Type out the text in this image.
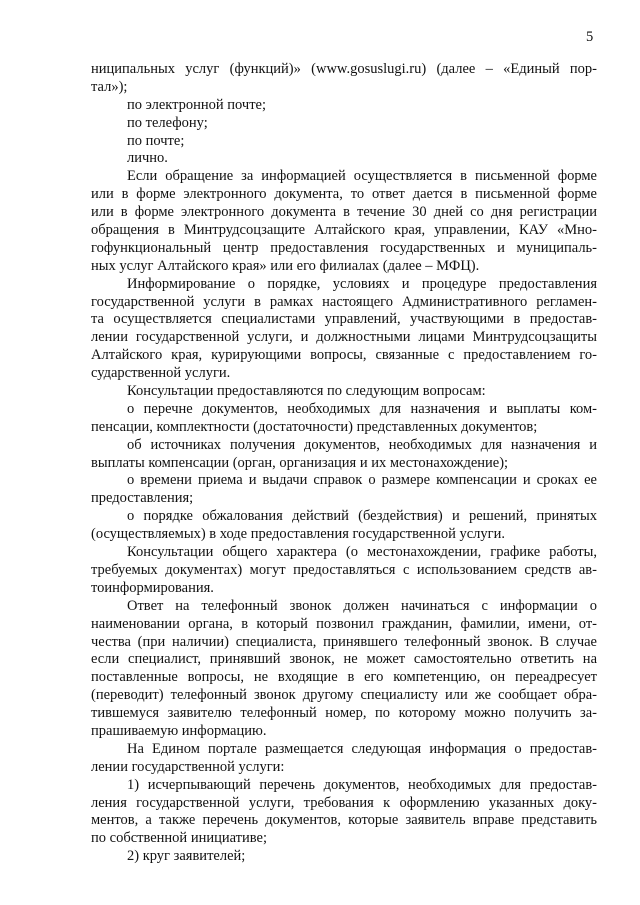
5
ниципальных услуг (функций)» (www.gosuslugi.ru) (далее – «Единый пор-
тал»);
по электронной почте;
по телефону;
по почте;
лично.
Если обращение за информацией осуществляется в письменной форме
или в форме электронного документа, то ответ дается в письменной форме
или в форме электронного документа в течение 30 дней со дня регистрации
обращения в Минтрудсоцзащите Алтайского края, управлении, КАУ «Мно-
гофункциональный центр предоставления государственных и муниципаль-
ных услуг Алтайского края» или его филиалах (далее – МФЦ).
Информирование о порядке, условиях и процедуре предоставления
государственной услуги в рамках настоящего Административного регламен-
та осуществляется специалистами управлений, участвующими в предостав-
лении государственной услуги, и должностными лицами Минтрудсоцзащиты
Алтайского края, курирующими вопросы, связанные с предоставлением го-
сударственной услуги.
Консультации предоставляются по следующим вопросам:
о перечне документов, необходимых для назначения и выплаты ком-
пенсации, комплектности (достаточности) представленных документов;
об источниках получения документов, необходимых для назначения и
выплаты компенсации (орган, организация и их местонахождение);
о времени приема и выдачи справок о размере компенсации и сроках ее
предоставления;
о порядке обжалования действий (бездействия) и решений, принятых
(осуществляемых) в ходе предоставления государственной услуги.
Консультации общего характера (о местонахождении, графике работы,
требуемых документах) могут предоставляться с использованием средств ав-
тоинформирования.
Ответ на телефонный звонок должен начинаться с информации о
наименовании органа, в который позвонил гражданин, фамилии, имени, от-
чества (при наличии) специалиста, принявшего телефонный звонок. В случае
если специалист, принявший звонок, не может самостоятельно ответить на
поставленные вопросы, не входящие в его компетенцию, он переадресует
(переводит) телефонный звонок другому специалисту или же сообщает обра-
тившемуся заявителю телефонный номер, по которому можно получить за-
прашиваемую информацию.
На Едином портале размещается следующая информация о предостав-
лении государственной услуги:
1) исчерпывающий перечень документов, необходимых для предостав-
ления государственной услуги, требования к оформлению указанных доку-
ментов, а также перечень документов, которые заявитель вправе представить
по собственной инициативе;
2) круг заявителей;
